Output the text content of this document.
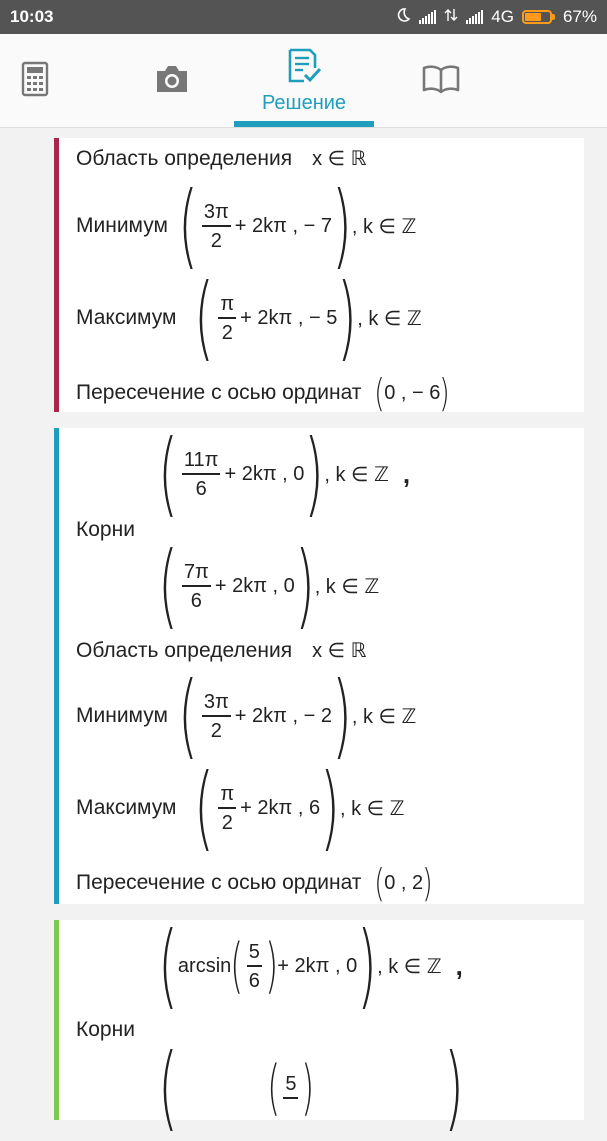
10:03	4G	67%
Решение
Область определения x ∈ ℝ
Минимум ( $\frac{3\pi}{2} + 2k\pi$ , − 7 ) , k ∈ ℤ
Максимум ( $\frac{\pi}{2} + 2k\pi$ , − 5 ) , k ∈ ℤ
Пересечение с осью ординат ( 0 , − 6 )
Корни
( $\frac{11\pi}{6} + 2k\pi$ , 0 ) , k ∈ ℤ ,
( $\frac{7\pi}{6} + 2k\pi$ , 0 ) , k ∈ ℤ
Область определения x ∈ ℝ
Минимум ( $\frac{3\pi}{2} + 2k\pi$ , − 2 ) , k ∈ ℤ
Максимум ( $\frac{\pi}{2} + 2k\pi$ , 6 ) , k ∈ ℤ
Пересечение с осью ординат ( 0 , 2 )
( arcsin ( $\frac{5}{6}$ ) + 2kπ , 0 ) , k ∈ ℤ ,
Корни
( ( 5 ) )
